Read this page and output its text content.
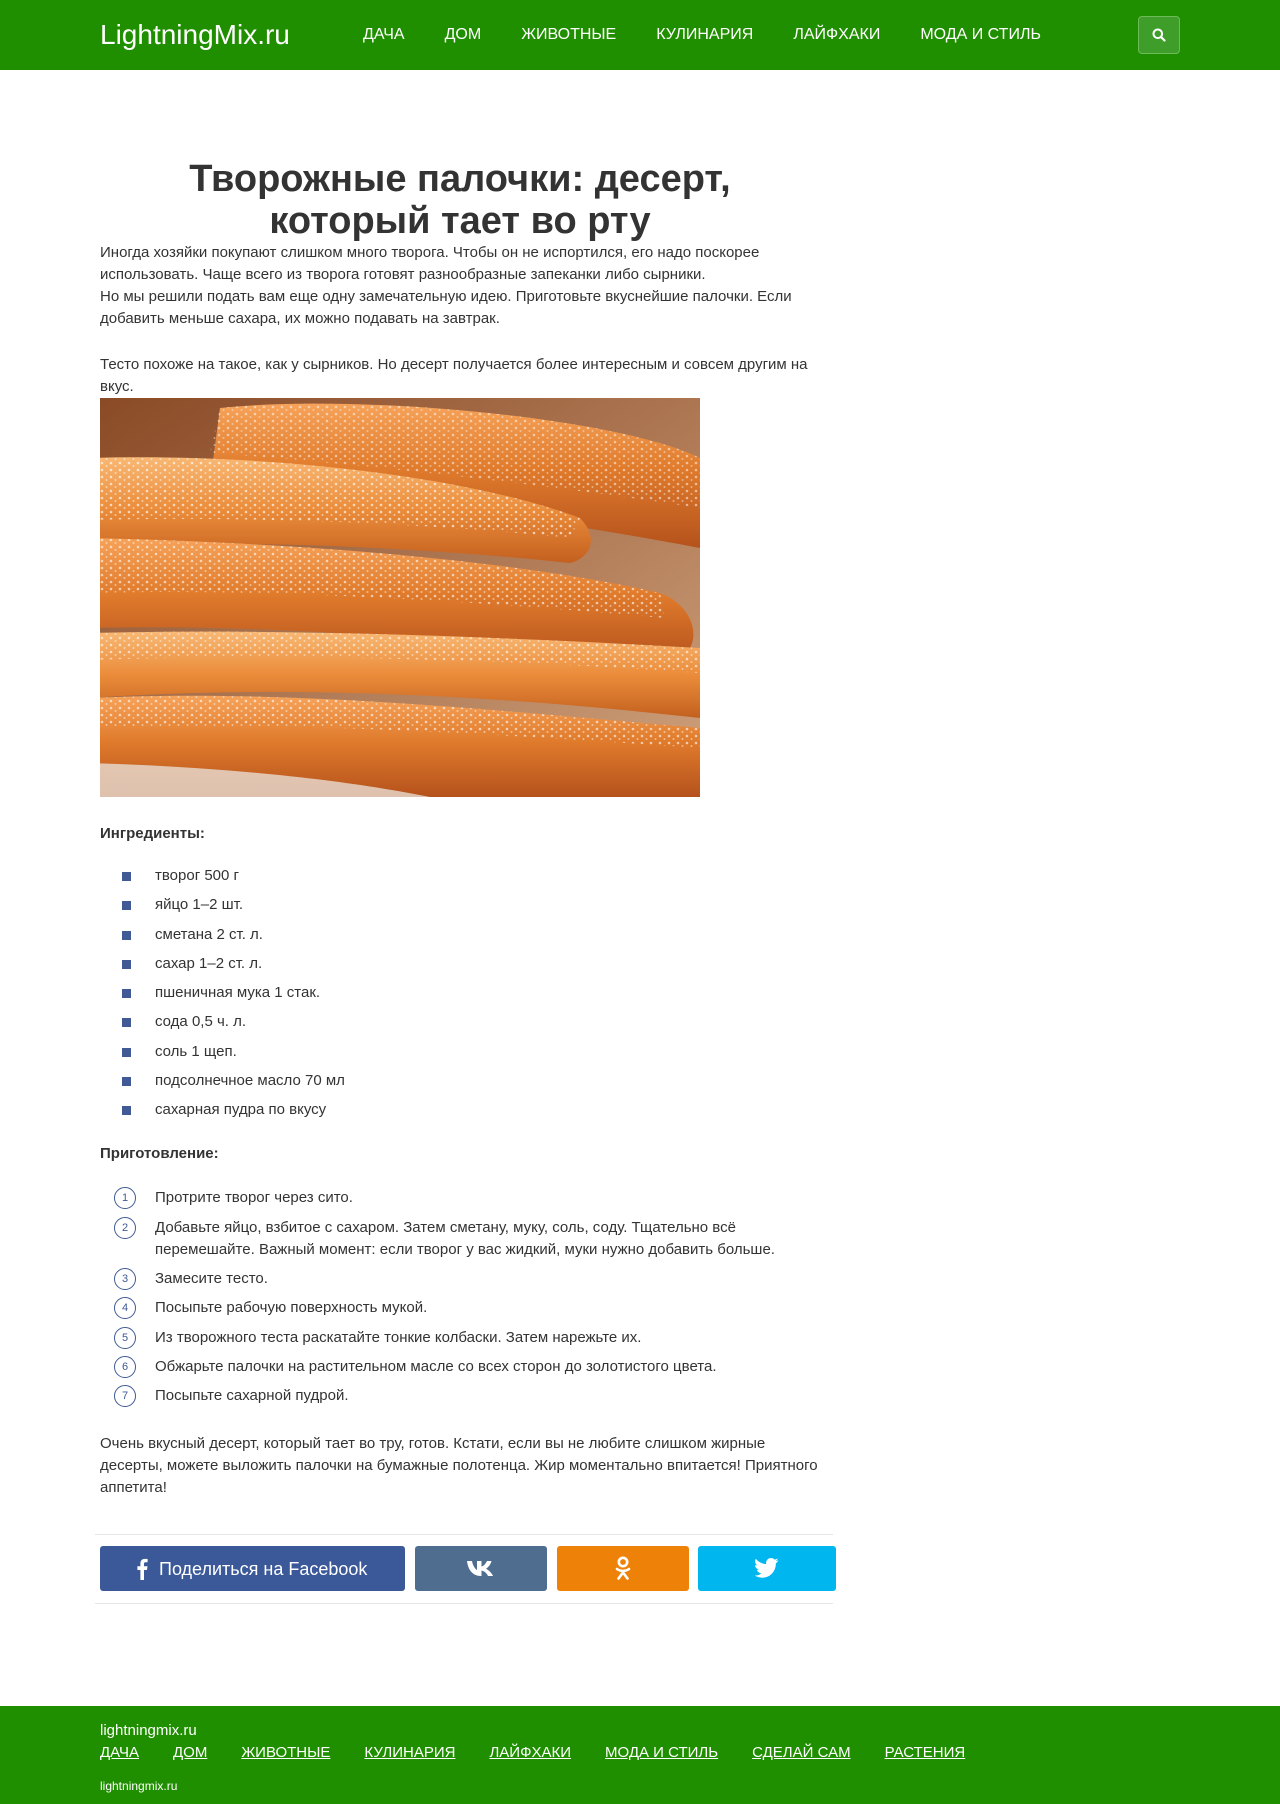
LightningMix.ru	ДАЧА	ДОМ	ЖИВОТНЫЕ	КУЛИНАРИЯ	ЛАЙФХАКИ	МОДА И СТИЛЬ
Творожные палочки: десерт, который тает во рту

Иногда хозяйки покупают слишком много творога. Чтобы он не испортился, его надо поскорее использовать. Чаще всего из творога готовят разнообразные запеканки либо сырники.

Но мы решили подать вам еще одну замечательную идею. Приготовьте вкуснейшие палочки. Если добавить меньше сахара, их можно подавать на завтрак.

Тесто похоже на такое, как у сырников. Но десерт получается более интересным и совсем другим на вкус.

Ингредиенты:
творог 500 г
яйцо 1–2 шт.
сметана 2 ст. л.
сахар 1–2 ст. л.
пшеничная мука 1 стак.
сода 0,5 ч. л.
соль 1 щеп.
подсолнечное масло 70 мл
сахарная пудра по вкусу
Приготовление:
1	Протрите творог через сито.
2	Добавьте яйцо, взбитое с сахаром. Затем сметану, муку, соль, соду. Тщательно всё перемешайте. Важный момент: если творог у вас жидкий, муки нужно добавить больше.
3	Замесите тесто.
4	Посыпьте рабочую поверхность мукой.
5	Из творожного теста раскатайте тонкие колбаски. Затем нарежьте их.
6	Обжарьте палочки на растительном масле со всех сторон до золотистого цвета.
7	Посыпьте сахарной пудрой.

Очень вкусный десерт, который тает во тру, готов. Кстати, если вы не любите слишком жирные десерты, можете выложить палочки на бумажные полотенца. Жир моментально впитается! Приятного аппетита!

Поделиться на Facebook
lightningmix.ru
ДАЧА ДОМ ЖИВОТНЫЕ КУЛИНАРИЯ ЛАЙФХАКИ МОДА И СТИЛЬ СДЕЛАЙ САМ РАСТЕНИЯ
lightningmix.ru
